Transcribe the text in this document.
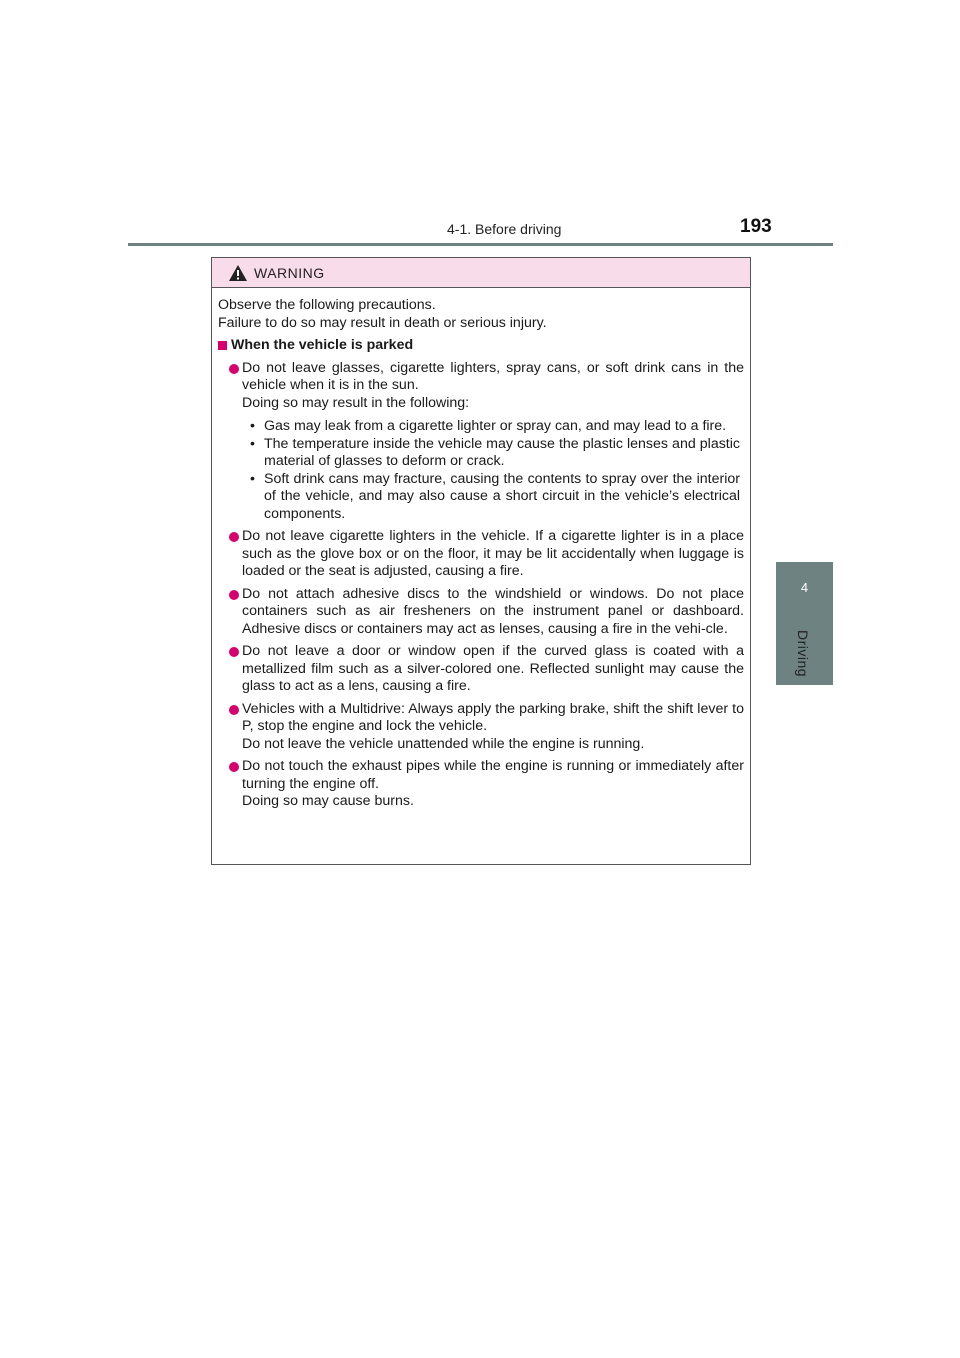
4-1. Before driving	193
4
Driving
WARNING

Observe the following precautions.

Failure to do so may result in death or serious injury.

When the vehicle is parked
Do not leave glasses, cigarette lighters, spray cans, or soft drink cans in the vehicle when it is in the sun.
Doing so may result in the following:
• Gas may leak from a cigarette lighter or spray can, and may lead to a fire.
• The temperature inside the vehicle may cause the plastic lenses and plastic material of glasses to deform or crack.
• Soft drink cans may fracture, causing the contents to spray over the interior of the vehicle, and may also cause a short circuit in the vehicle’s electrical components.
Do not leave cigarette lighters in the vehicle. If a cigarette lighter is in a place such as the glove box or on the floor, it may be lit accidentally when luggage is loaded or the seat is adjusted, causing a fire.
Do not attach adhesive discs to the windshield or windows. Do not place containers such as air fresheners on the instrument panel or dashboard. Adhesive discs or containers may act as lenses, causing a fire in the vehi-cle.
Do not leave a door or window open if the curved glass is coated with a metallized film such as a silver-colored one. Reflected sunlight may cause the glass to act as a lens, causing a fire.
Vehicles with a Multidrive: Always apply the parking brake, shift the shift lever to P, stop the engine and lock the vehicle.
Do not leave the vehicle unattended while the engine is running.
Do not touch the exhaust pipes while the engine is running or immediately after turning the engine off.
Doing so may cause burns.
